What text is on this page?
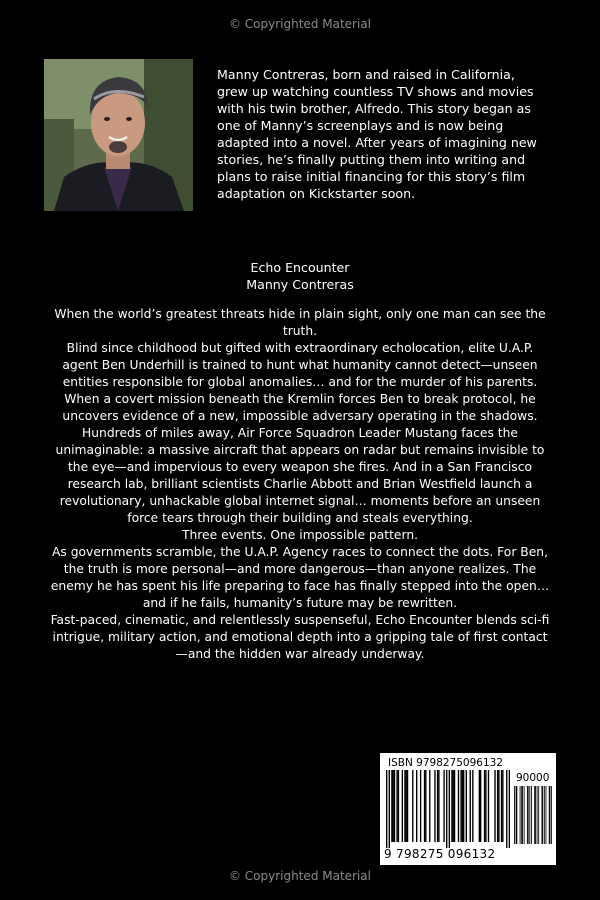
© Copyrighted Material

Manny Contreras, born and raised in California,
grew up watching countless TV shows and movies
with his twin brother, Alfredo. This story began as
one of Manny’s screenplays and is now being
adapted into a novel. After years of imagining new
stories, he’s finally putting them into writing and
plans to raise initial financing for this story’s film
adaptation on Kickstarter soon.

Echo Encounter
Manny Contreras

When the world’s greatest threats hide in plain sight, only one man can see the
truth.
Blind since childhood but gifted with extraordinary echolocation, elite U.A.P.
agent Ben Underhill is trained to hunt what humanity cannot detect—unseen
entities responsible for global anomalies… and for the murder of his parents.
When a covert mission beneath the Kremlin forces Ben to break protocol, he
uncovers evidence of a new, impossible adversary operating in the shadows.
Hundreds of miles away, Air Force Squadron Leader Mustang faces the
unimaginable: a massive aircraft that appears on radar but remains invisible to
the eye—and impervious to every weapon she fires. And in a San Francisco
research lab, brilliant scientists Charlie Abbott and Brian Westfield launch a
revolutionary, unhackable global internet signal… moments before an unseen
force tears through their building and steals everything.
Three events. One impossible pattern.
As governments scramble, the U.A.P. Agency races to connect the dots. For Ben,
the truth is more personal—and more dangerous—than anyone realizes. The
enemy he has spent his life preparing to face has finally stepped into the open…
and if he fails, humanity’s future may be rewritten.
Fast-paced, cinematic, and relentlessly suspenseful, Echo Encounter blends sci-fi
intrigue, military action, and emotional depth into a gripping tale of first contact
—and the hidden war already underway.

ISBN 9798275096132
90000
9 798275 096132
© Copyrighted Material
